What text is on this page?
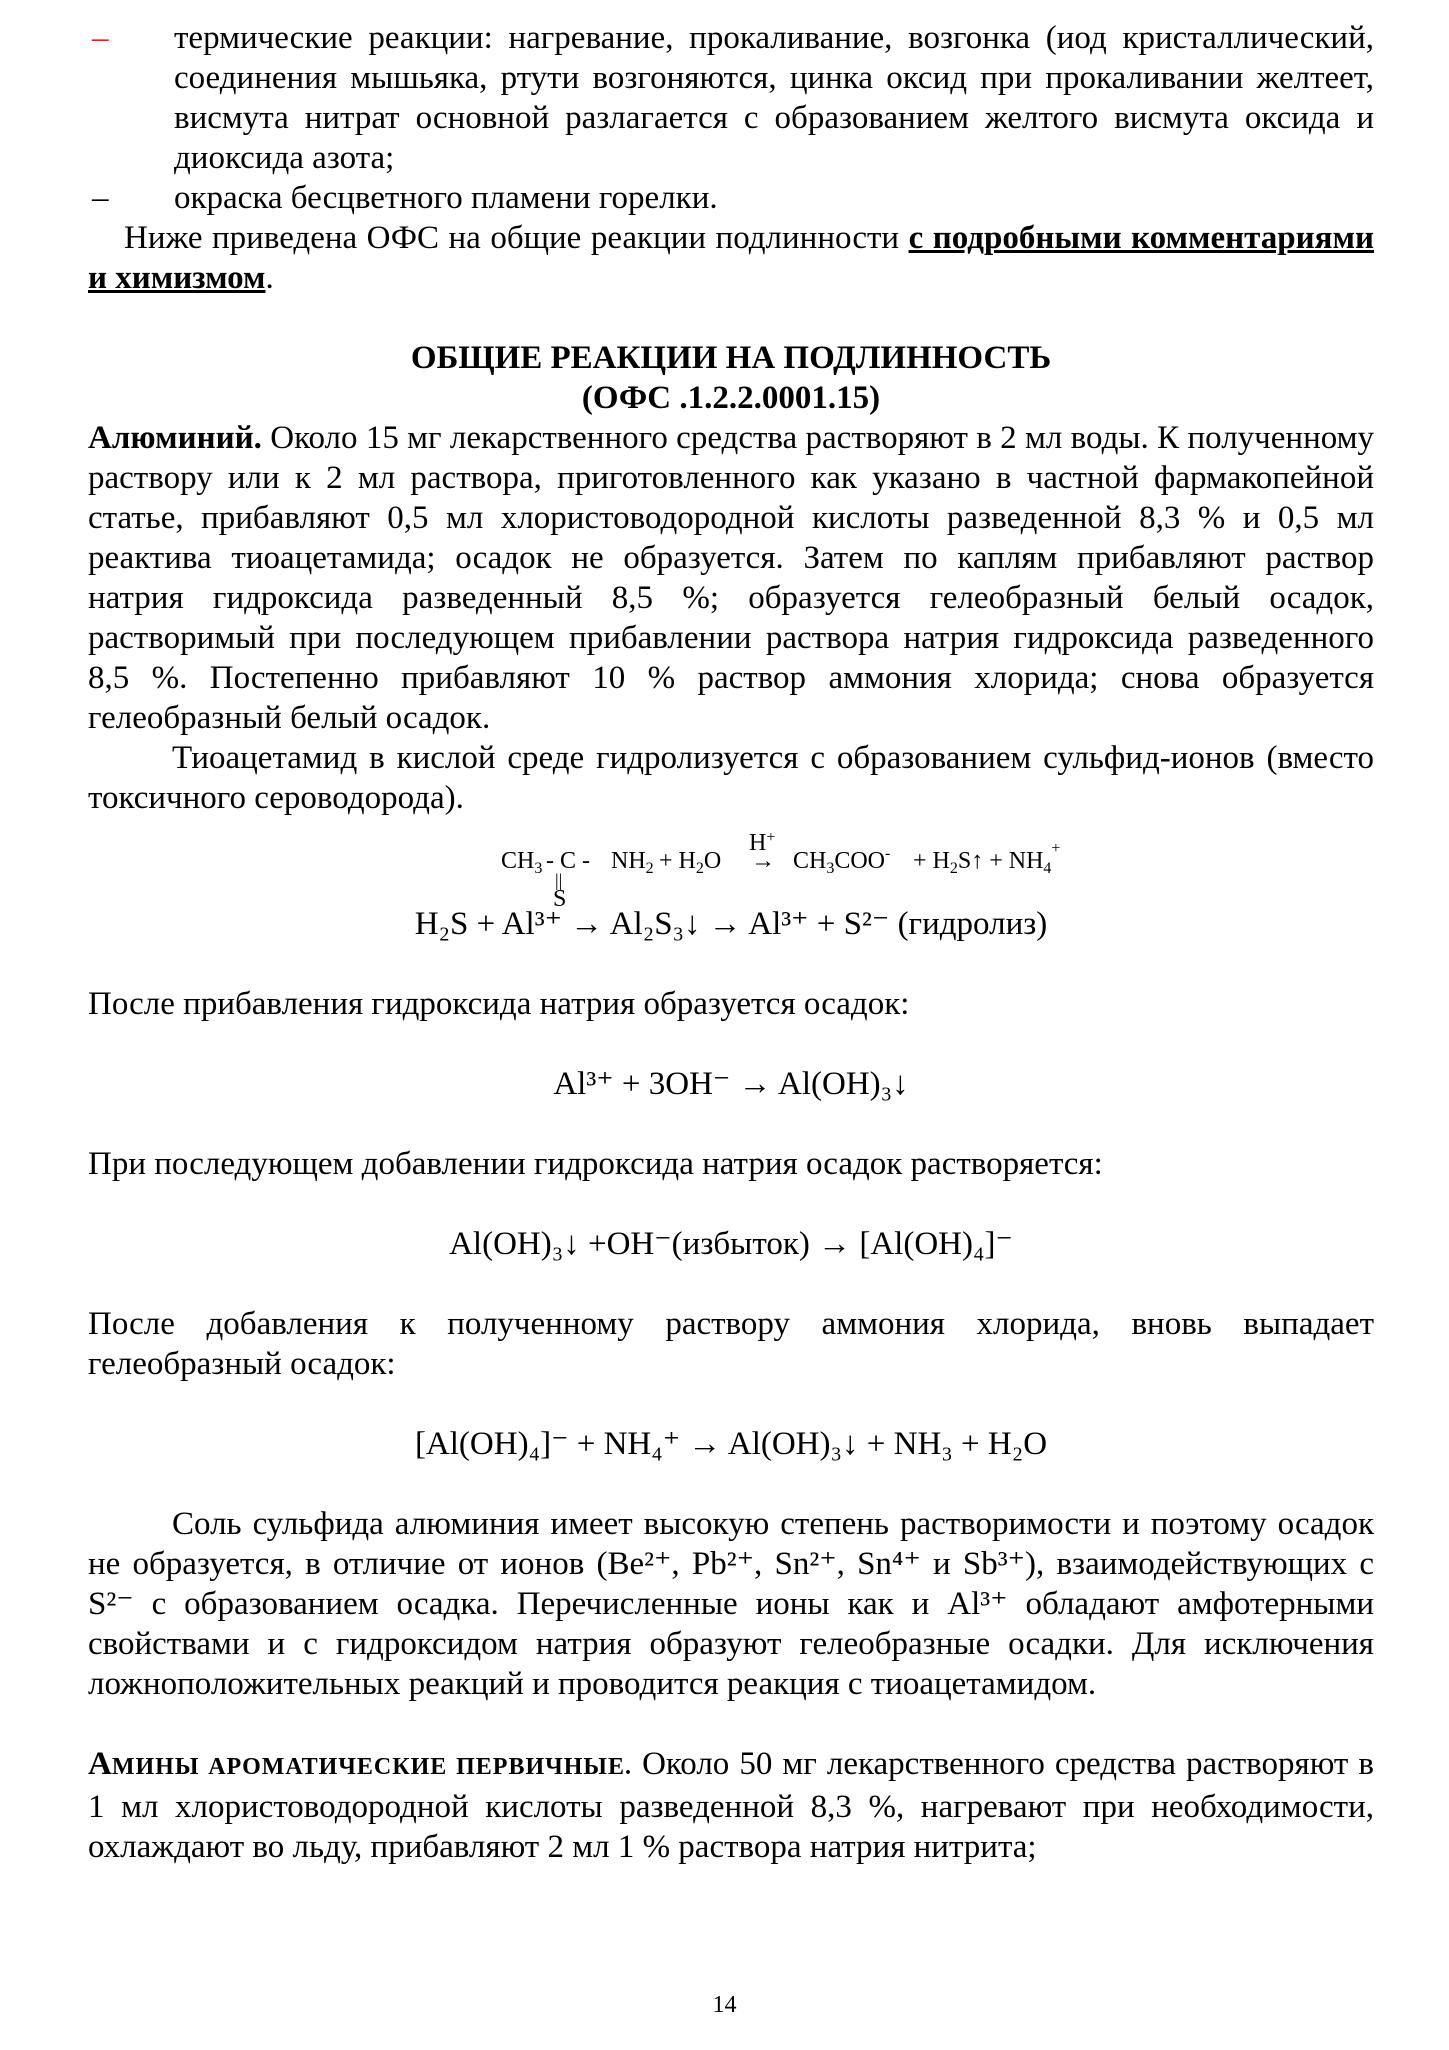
–	термические реакции: нагревание, прокаливание, возгонка (иод кристаллический, соединения мышьяка, ртути возгоняются, цинка оксид при прокаливании желтеет, висмута нитрат основной разлагается с образованием желтого висмута оксида и диоксида азота;
–	окраска бесцветного пламени горелки.

Ниже приведена ОФС на общие реакции подлинности с подробными комментариями и химизмом.

ОБЩИЕ РЕАКЦИИ НА ПОДЛИННОСТЬ
(ОФС .1.2.2.0001.15)

Алюминий. Около 15 мг лекарственного средства растворяют в 2 мл воды. К полученному раствору или к 2 мл раствора, приготовленного как указано в частной фармакопейной статье, прибавляют 0,5 мл хлористоводородной кислоты разведенной 8,3 % и 0,5 мл реактива тиоацетамида; осадок не образуется. Затем по каплям прибавляют раствор натрия гидроксида разведенный 8,5 %; образуется гелеобразный белый осадок, растворимый при последующем прибавлении раствора натрия гидроксида разведенного 8,5 %. Постепенно прибавляют 10 % раствор аммония хлорида; снова образуется гелеобразный белый осадок.

Тиоацетамид в кислой среде гидролизуется с образованием сульфид-ионов (вместо токсичного сероводорода).

$CH_3 - C - NH_2 + H_2O$
H+
→ $CH_3COO^-$ + $H_2S↑ + NH_4^+$
||
S
H₂S + Al³⁺ → Al₂S₃↓ → Al³⁺ + S²⁻ (гидролиз)

После прибавления гидроксида натрия образуется осадок:

Al³⁺ + 3OH⁻ → Al(OH)₃↓

При последующем добавлении гидроксида натрия осадок растворяется:

Al(OH)₃↓ +OH⁻(избыток) → [Al(OH)₄]⁻

После добавления к полученному раствору аммония хлорида, вновь выпадает гелеобразный осадок:

[Al(OH)₄]⁻ + NH₄⁺ → Al(OH)₃↓ + NH₃ + H₂O

Соль сульфида алюминия имеет высокую степень растворимости и поэтому осадок не образуется, в отличие от ионов (Be²⁺, Pb²⁺, Sn²⁺, Sn⁴⁺ и Sb³⁺), взаимодействующих с S²⁻ с образованием осадка. Перечисленные ионы как и Al³⁺ обладают амфотерными свойствами и с гидроксидом натрия образуют гелеобразные осадки. Для исключения ложноположительных реакций и проводится реакция с тиоацетамидом.

АМИНЫ АРОМАТИЧЕСКИЕ ПЕРВИЧНЫЕ. Около 50 мг лекарственного средства растворяют в 1 мл хлористоводородной кислоты разведенной 8,3 %, нагревают при необходимости, охлаждают во льду, прибавляют 2 мл 1 % раствора натрия нитрита;

14
